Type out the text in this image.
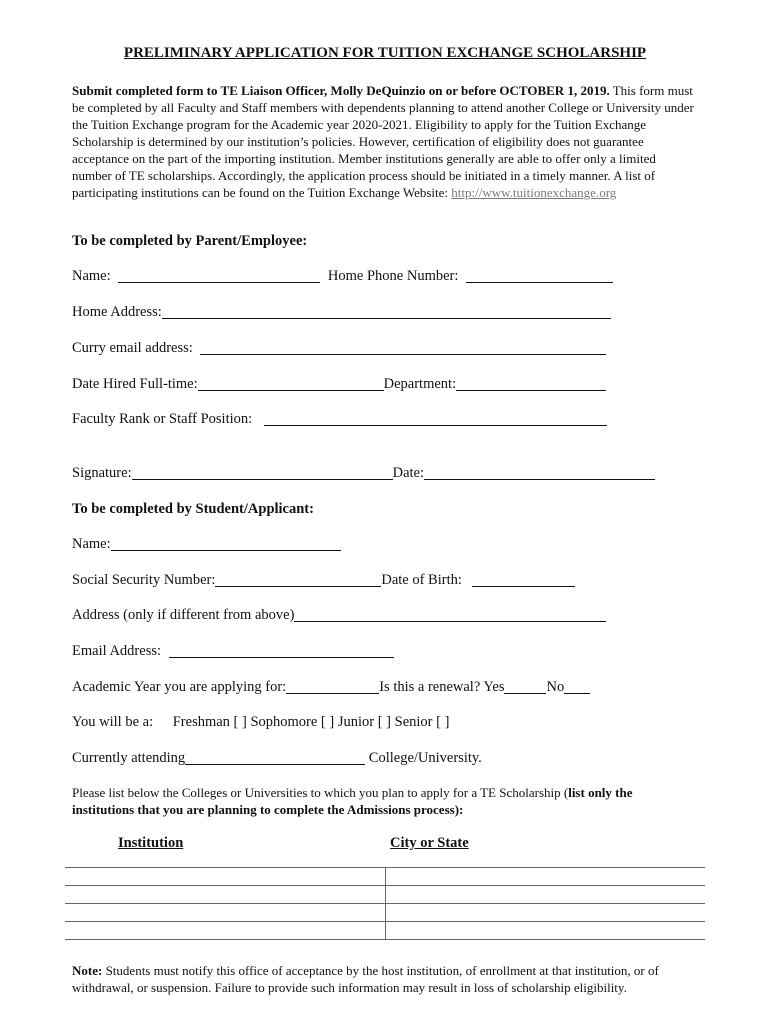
PRELIMINARY APPLICATION FOR TUITION EXCHANGE SCHOLARSHIP
Submit completed form to TE Liaison Officer, Molly DeQuinzio on or before OCTOBER 1, 2019. This form must be completed by all Faculty and Staff members with dependents planning to attend another College or University under the Tuition Exchange program for the Academic year 2020-2021. Eligibility to apply for the Tuition Exchange Scholarship is determined by our institution’s policies. However, certification of eligibility does not guarantee acceptance on the part of the importing institution. Member institutions generally are able to offer only a limited number of TE scholarships. Accordingly, the application process should be initiated in a timely manner. A list of participating institutions can be found on the Tuition Exchange Website: http://www.tuitionexchange.org
To be completed by Parent/Employee:
Name:	Home Phone Number:
Home Address:
Curry email address:
Date Hired Full-time:	Department:
Faculty Rank or Staff Position:
Signature:	Date:
To be completed by Student/Applicant:
Name:
Social Security Number:	Date of Birth:
Address (only if different from above)
Email Address:
Academic Year you are applying for:	Is this a renewal? Yes	No
You will be a: Freshman [ ] Sophomore [ ] Junior [ ] Senior [ ]
Currently attending	College/University.
Please list below the Colleges or Universities to which you plan to apply for a TE Scholarship (list only the institutions that you are planning to complete the Admissions process):
Institution	City or State

Note: Students must notify this office of acceptance by the host institution, of enrollment at that institution, or of withdrawal, or suspension. Failure to provide such information may result in loss of scholarship eligibility.
